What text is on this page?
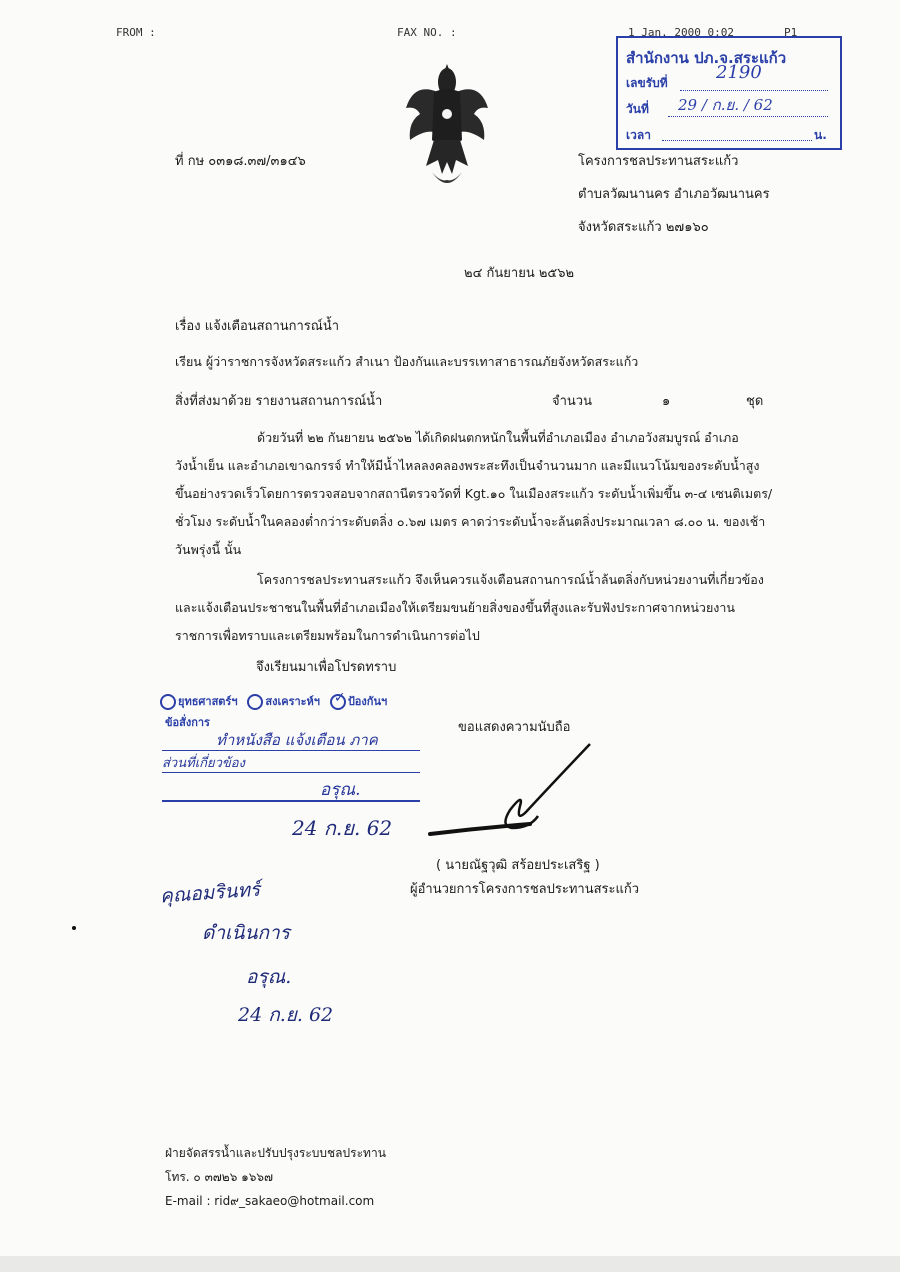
FROM :	FAX NO. :	1 Jan. 2000 0:02	P1
สำนักงาน ปภ.จ.สระแก้ว
เลขรับที่	2190
วันที่ 29 / ก.ย. / 62
เวลา	น.
ที่ กษ ๐๓๑๘.๓๗/๓๑๔๖	โครงการชลประทานสระแก้ว
ตำบลวัฒนานคร อำเภอวัฒนานคร
จังหวัดสระแก้ว ๒๗๑๖๐
๒๔ กันยายน ๒๕๖๒
เรื่อง แจ้งเตือนสถานการณ์น้ำ
เรียน ผู้ว่าราชการจังหวัดสระแก้ว สำเนา ป้องกันและบรรเทาสาธารณภัยจังหวัดสระแก้ว
สิ่งที่ส่งมาด้วย รายงานสถานการณ์น้ำ	จำนวน	๑	ชุด
ด้วยวันที่ ๒๒ กันยายน ๒๕๖๒ ได้เกิดฝนตกหนักในพื้นที่อำเภอเมือง อำเภอวังสมบูรณ์ อำเภอวังน้ำเย็น และอำเภอเขาฉกรรจ์ ทำให้มีน้ำไหลลงคลองพระสะทึงเป็นจำนวนมาก และมีแนวโน้มของระดับน้ำสูงขึ้นอย่างรวดเร็วโดยการตรวจสอบจากสถานีตรวจวัดที่ Kgt.๑๐ ในเมืองสระแก้ว ระดับน้ำเพิ่มขึ้น ๓-๔ เซนติเมตร/ชั่วโมง ระดับน้ำในคลองต่ำกว่าระดับตลิ่ง ๐.๖๗ เมตร คาดว่าระดับน้ำจะล้นตลิ่งประมาณเวลา ๘.๐๐ น. ของเช้าวันพรุ่งนี้ นั้น
โครงการชลประทานสระแก้ว จึงเห็นควรแจ้งเตือนสถานการณ์น้ำล้นตลิ่งกับหน่วยงานที่เกี่ยวข้อง และแจ้งเตือนประชาชนในพื้นที่อำเภอเมืองให้เตรียมขนย้ายสิ่งของขึ้นที่สูงและรับฟังประกาศจากหน่วยงานราชการเพื่อทราบและเตรียมพร้อมในการดำเนินการต่อไป
จึงเรียนมาเพื่อโปรดทราบ
ยุทธศาสตร์ฯ	สงเคราะห์ฯ ✓ ป้องกันฯ
ข้อสั่งการ
ทำหนังสือ แจ้งเตือน ภาค
ส่วนที่เกี่ยวข้อง
อรุณ.
24 ก.ย. 62
ขอแสดงความนับถือ
( นายณัฐวุฒิ สร้อยประเสริฐ )
ผู้อำนวยการโครงการชลประทานสระแก้ว
คุณอมรินทร์
ดำเนินการ
อรุณ.
24 ก.ย. 62
ฝ่ายจัดสรรน้ำและปรับปรุงระบบชลประทาน
โทร. ๐ ๓๗๒๖ ๑๖๖๗
E-mail : rid๙_sakaeo@hotmail.com
